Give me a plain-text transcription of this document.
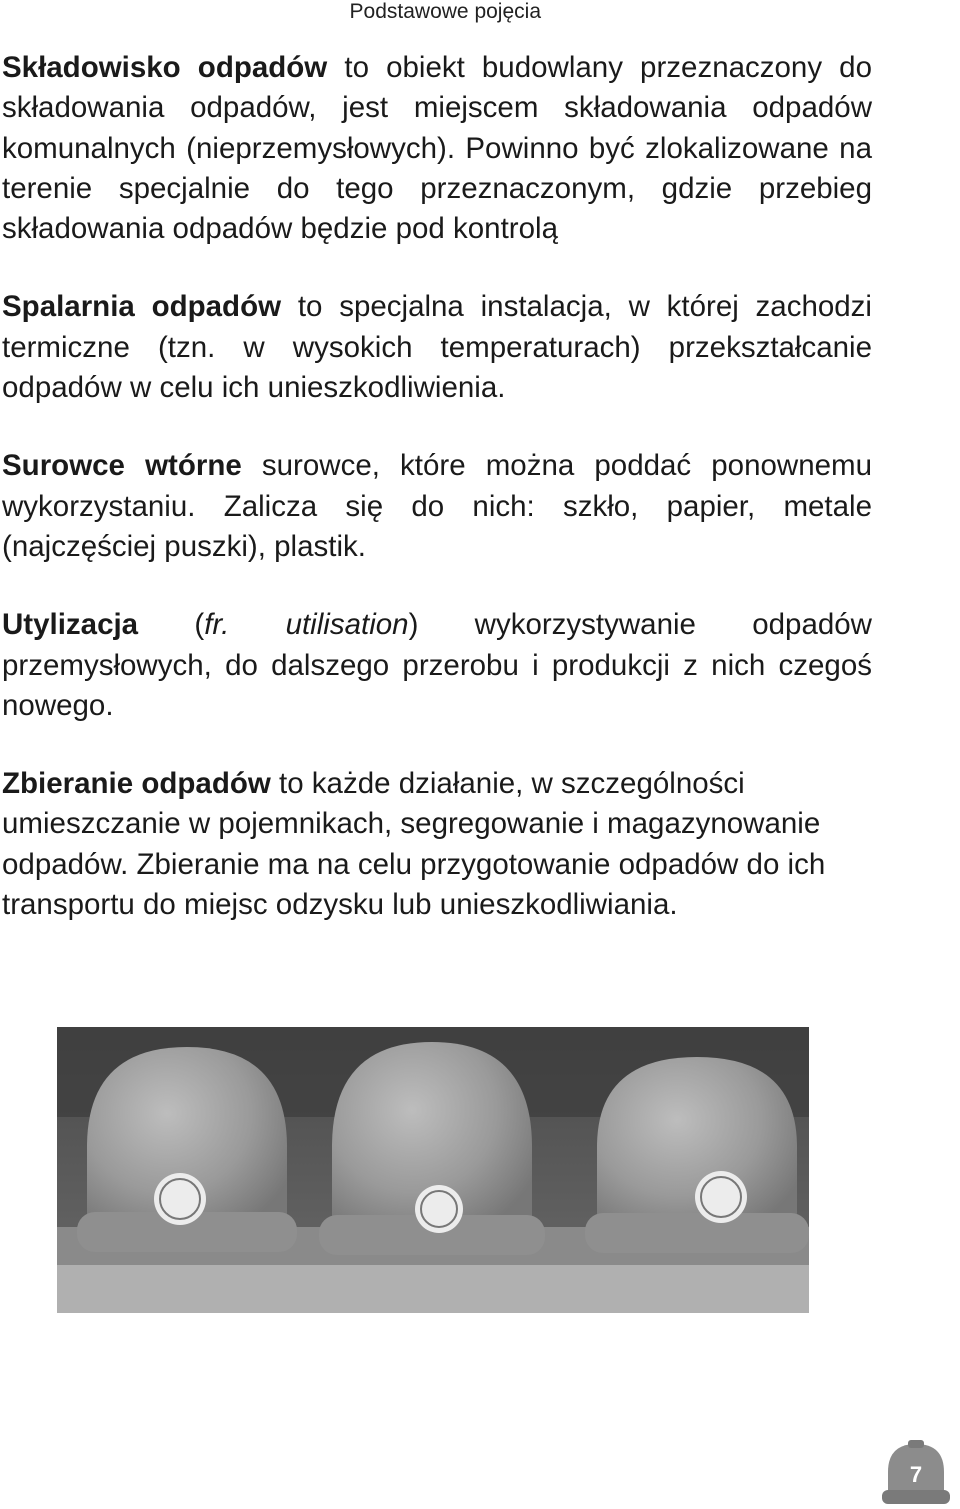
Podstawowe pojęcia

Składowisko odpadów to obiekt budowlany przeznaczony do składowania odpadów, jest miejscem składowania odpadów komunalnych (nieprzemysłowych). Powinno być zlokalizowane na terenie specjalnie do tego przeznaczonym, gdzie przebieg składowania odpadów będzie pod kontrolą

Spalarnia odpadów to specjalna instalacja, w której zachodzi termiczne (tzn. w wysokich temperaturach) przekształcanie odpadów w celu ich unieszkodliwienia.

Surowce wtórne surowce, które można poddać ponownemu wykorzystaniu. Zalicza się do nich: szkło, papier, metale (najczęściej puszki), plastik.

Utylizacja (fr. utilisation) wykorzystywanie odpadów przemysłowych, do dalszego przerobu i produkcji z nich czegoś nowego.

Zbieranie odpadów to każde działanie, w szczególności umieszczanie w pojemnikach, segregowanie i magazynowanie odpadów. Zbieranie ma na celu przygotowanie odpadów do ich transportu do miejsc odzysku lub unieszkodliwiania.

7
